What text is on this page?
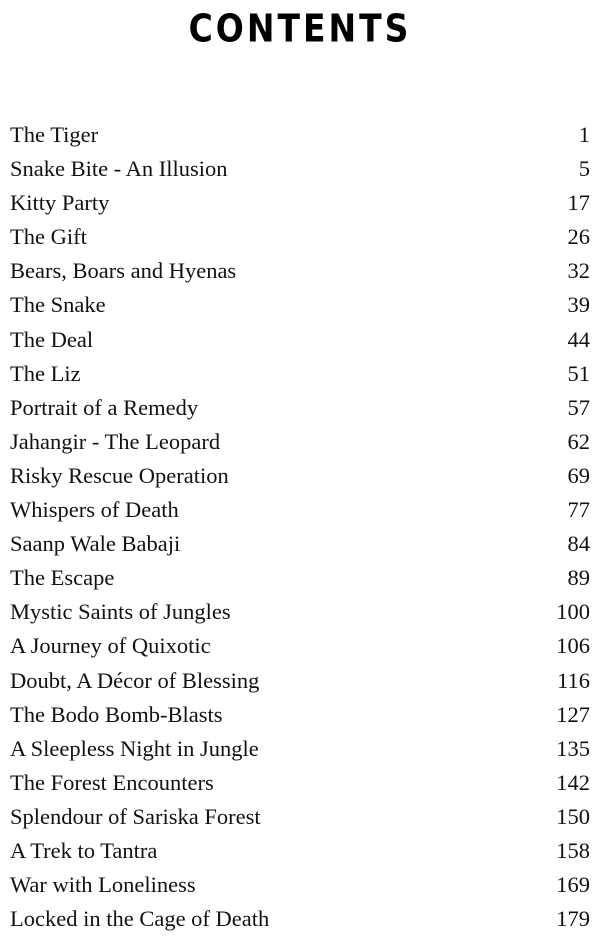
CONTENTS
The Tiger	1
Snake Bite - An Illusion	5
Kitty Party	17
The Gift	26
Bears, Boars and Hyenas	32
The Snake	39
The Deal	44
The Liz	51
Portrait of a Remedy	57
Jahangir - The Leopard	62
Risky Rescue Operation	69
Whispers of Death	77
Saanp Wale Babaji	84
The Escape	89
Mystic Saints of Jungles	100
A Journey of Quixotic	106
Doubt, A Décor of Blessing	116
The Bodo Bomb-Blasts	127
A Sleepless Night in Jungle	135
The Forest Encounters	142
Splendour of Sariska Forest	150
A Trek to Tantra	158
War with Loneliness	169
Locked in the Cage of Death	179
